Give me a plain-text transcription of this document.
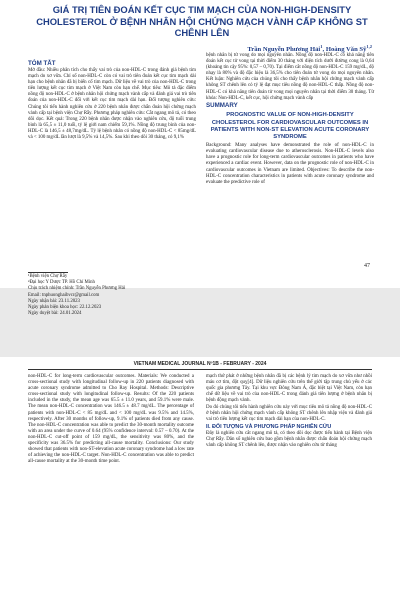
GIÁ TRỊ TIÊN ĐOÁN KẾT CỤC TIM MẠCH CỦA NON-HIGH-DENSITY CHOLESTEROL Ở BỆNH NHÂN HỘI CHỨNG MẠCH VÀNH CẤP KHÔNG ST CHÊNH LÊN
Trần Nguyễn Phương Hải$^1$, Hoàng Văn Sỹ$^{1,2}$
TÓM TẮT

Mở đầu: Nhiều phân tích cho thấy vai trò của non-HDL-C trong đánh giá bệnh tim mạch do xơ vữa. Chỉ số non-HDL-C còn có vai trò tiên đoán kết cục tim mạch dài hạn cho bệnh nhân đã bị biến cố tim mạch. Dữ liệu về vai trò của non-HDL-C trong tiên lượng kết cục tim mạch ở Việt Nam còn hạn chế. Mục tiêu: Mô tả đặc điểm nồng độ non-HDL-C ở bệnh nhân hội chứng mạch vành cấp và đánh giá vai trò tiên đoán của non-HDL-C đối với kết cục tim mạch dài hạn. Đối tượng nghiên cứu: Chúng tôi tiến hành nghiên cứu ở 220 bệnh nhân được chẩn đoán hội chứng mạch vành cấp tại bệnh viện Chợ Rẫy. Phương pháp nghiên cứu: Cắt ngang mô tả, có theo dõi dọc. Kết quả: Trong 220 bệnh nhân được nhận vào nghiên cứu, độ tuổi trung bình là 65,5 ± 11,0 tuổi, tỷ lệ giới nam chiếm 59,1%. Nồng độ trung bình của non-HDL-C là 146,5 ± 48,7mg/dL. Tỷ lệ bệnh nhân có nồng độ non-HDL-C < 85mg/dL và < 100 mg/dL lần lượt là 9,5% và 14,5%. Sau khi theo dõi 30 tháng, có 9,1%

bệnh nhân bị tử vong do mọi nguyên nhân. Nồng độ non-HDL-C có khả năng tiên đoán kết cục tử vong tại thời điểm 30 tháng với diện tích dưới đường cong là 0,64 (khoảng tin cậy 95%: 0,57 – 0,70). Tại điểm cắt nồng độ non-HDL-C 159 mg/dL, độ nhạy là 80% và độ đặc hiệu là 36,5% cho tiên đoán tử vong do mọi nguyên nhân. Kết luận: Nghiên cứu của chúng tôi cho thấy bệnh nhân hội chứng mạch vành cấp không ST chênh lên có tỷ lệ đạt mục tiêu nồng độ non-HDL-C thấp. Nồng độ non-HDL-C có khả năng tiên đoán tử vong mọi nguyên nhân tại thời điểm 30 tháng. Từ khóa: Non-HDL-C, kết cục, hội chứng mạch vành cấp

SUMMARY
PROGNOSTIC VALUE OF NON-HIGH-DENSITY CHOLESTEROL FOR CARDIOVASCULAR OUTCOMES IN PATIENTS WITH NON-ST ELEVATION ACUTE CORONARY SYNDROME

Background: Many analyses have demonstrated the role of non-HDL-C in evaluating cardiovascular disease due to atherosclerosis. Non-HDL-C levels also have a prognostic role for long-term cardiovascular outcomes in patients who have experienced a cardiac event. However, data on the prognostic role of non-HDL-C in cardiovascular outcomes in Vietnam are limited. Objectives: To describe the non-HDL-C concentration characteristics in patients with acute coronary syndrome and evaluate the predictive role of

¹Bệnh viện Chợ Rẫy
²Đại học Y Dược TP. Hồ Chí Minh
Chịu trách nhiệm chính: Trần Nguyễn Phương Hải
Email: tnphuonghaibvcr@gmail.com
Ngày nhận bài: 23.11.2023
Ngày phản biện khoa học: 22.12.2023
Ngày duyệt bài: 24.01.2024
47
VIETNAM MEDICAL JOURNAL Nº1B - FEBRUARY - 2024

non-HDL-C for long-term cardiovascular outcomes. Materials: We conducted a cross-sectional study with longitudinal follow-up in 220 patients diagnosed with acute coronary syndrome admitted to Cho Ray Hospital. Methods: Descriptive cross-sectional study with longitudinal follow-up. Results: Of the 220 patients included in the study, the mean age was 65.5 ± 11.0 years, and 59.1% were male. The mean non-HDL-C concentration was 146.5 ± 48.7 mg/dL. The percentage of patients with non-HDL-C < 85 mg/dL and < 100 mg/dL was 9.5% and 14.5%, respectively. After 30 months of follow-up, 9.1% of patients died from any cause. The non-HDL-C concentration was able to predict the 30-month mortality outcome with an area under the curve of 0.64 (95% confidence interval: 0.57 – 0.70). At the non-HDL-C cut-off point of 159 mg/dL, the sensitivity was 80%, and the specificity was 36.5% for predicting all-cause mortality. Conclusions: Our study showed that patients with non-ST-elevation acute coronary syndrome had a low rate of achieving the non-HDL-C target. Non-HDL-C concentration was able to predict all-cause mortality at the 30-month time point.

mạch thứ phát ở những bệnh nhân đã bị các bệnh lý tim mạch do xơ vữa như nhồi máu cơ tim, đột quỵ[4]. Dữ liệu nghiên cứu trên thế giới tập trung chủ yếu ở các quốc gia phương Tây. Tại khu vực Đông Nam Á, đặc biệt tại Việt Nam, còn hạn chế dữ liệu về vai trò của non-HDL-C trong đánh giá tiên lượng ở bệnh nhân bị bệnh động mạch vành.

Do đó chúng tôi tiến hành nghiên cứu này với mục tiêu mô tả nồng độ non-HDL-C ở bệnh nhân hội chứng mạch vành cấp không ST chênh lên nhập viện và đánh giá vai trò tiên lượng kết cục tim mạch dài hạn của non-HDL-C.

II. ĐỐI TƯỢNG VÀ PHƯƠNG PHÁP NGHIÊN CỨU

Đây là nghiên cứu cắt ngang mô tả, có theo dõi dọc được tiến hành tại Bệnh viện Chợ Rẫy. Dân số nghiên cứu bao gồm bệnh nhân được chẩn đoán hội chứng mạch vành cấp không ST chênh lên, được nhận vào nghiên cứu từ tháng
